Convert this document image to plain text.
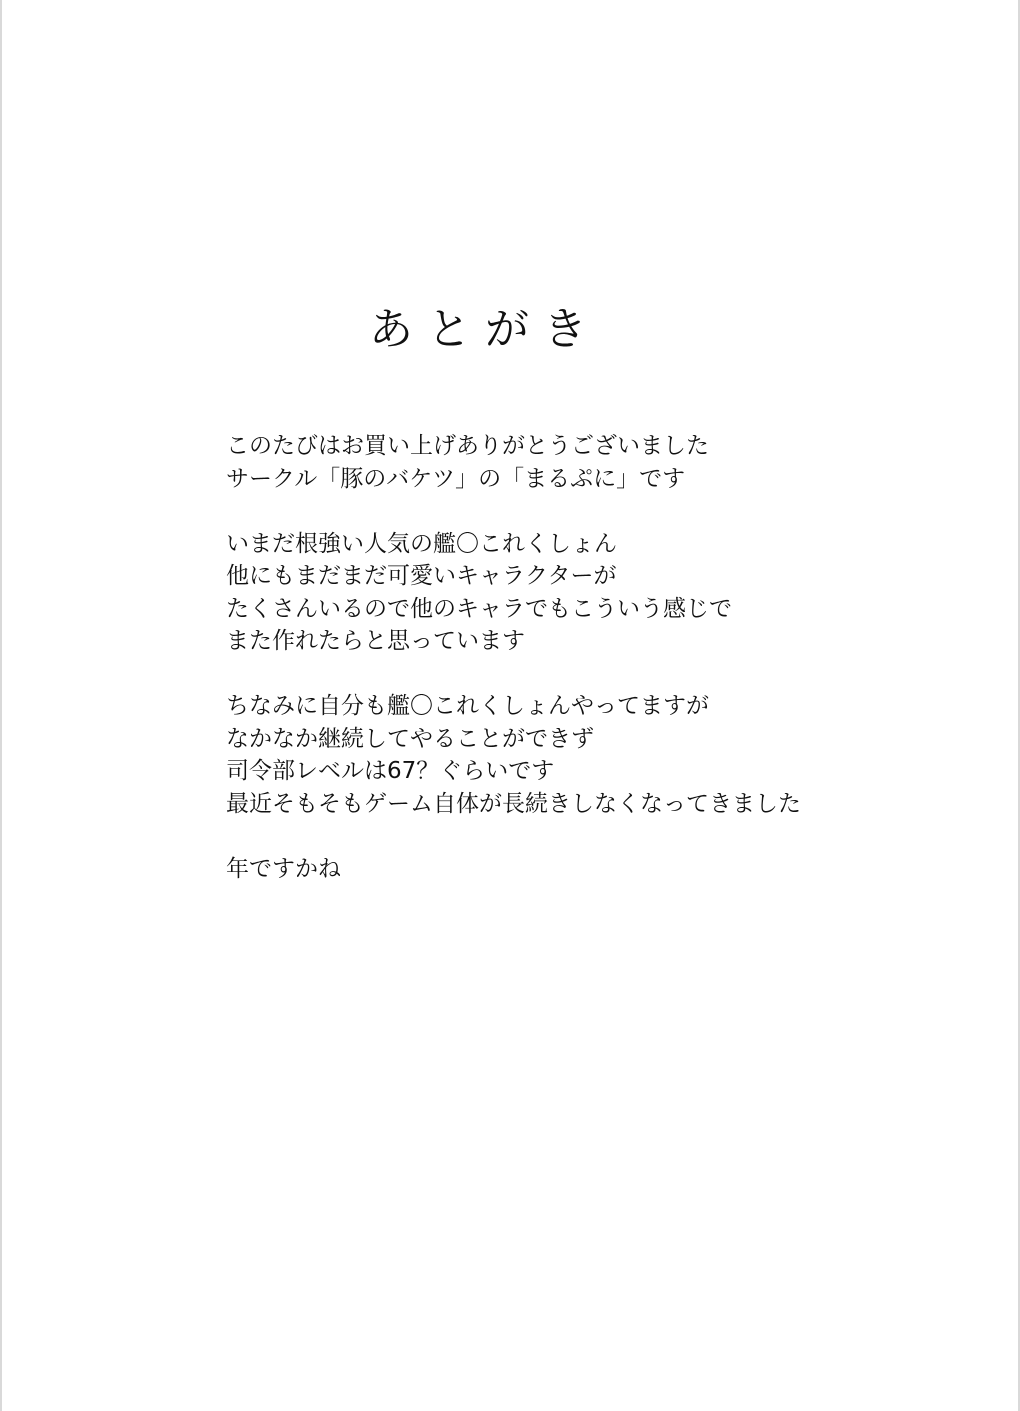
あとがき
このたびはお買い上げありがとうございました
サークル「豚のバケツ」の「まるぷに」です
いまだ根強い人気の艦〇これくしょん
他にもまだまだ可愛いキャラクターが
たくさんいるので他のキャラでもこういう感じで
また作れたらと思っています
ちなみに自分も艦〇これくしょんやってますが
なかなか継続してやることができず
司令部レベルは67？ぐらいです
最近そもそもゲーム自体が長続きしなくなってきました
年ですかね
